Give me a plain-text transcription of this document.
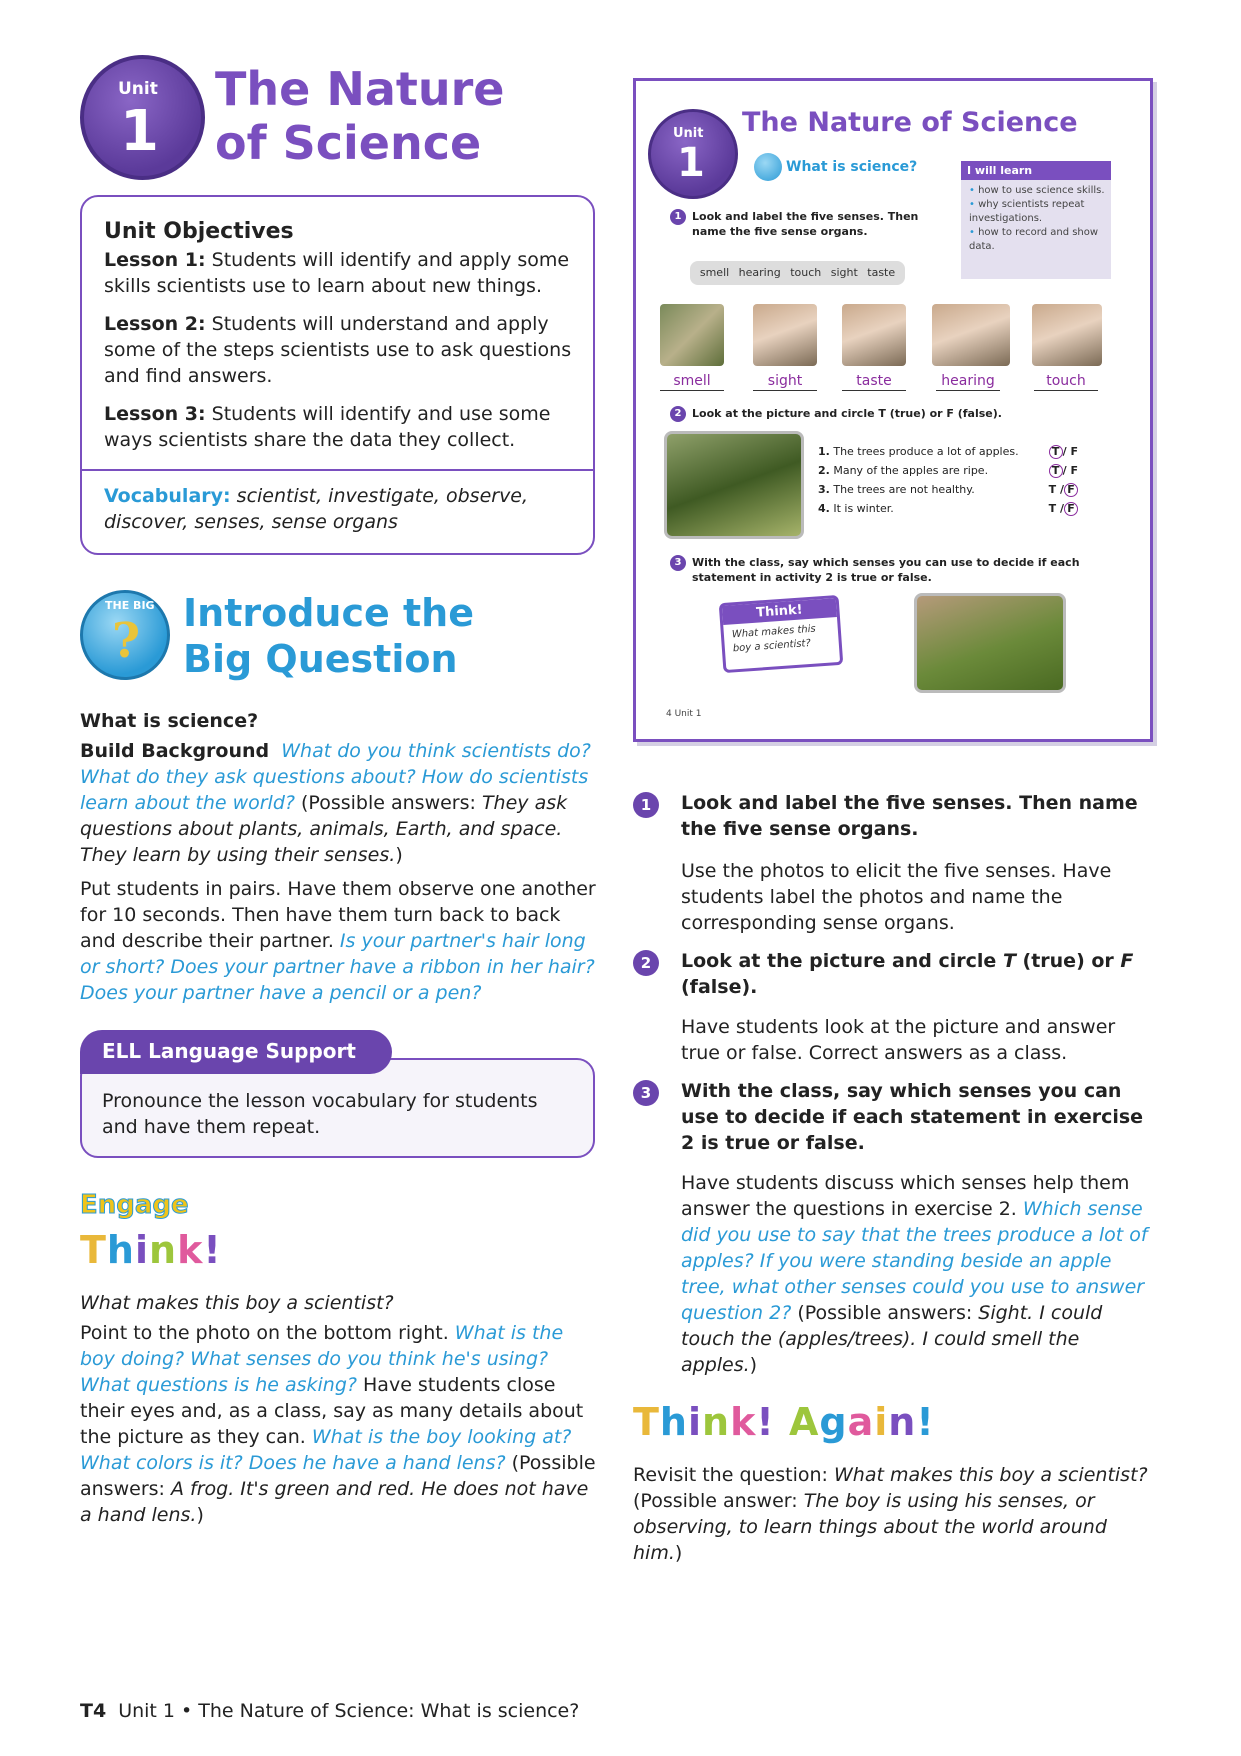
Unit
1
The Nature
of Science
Unit Objectives

Lesson 1: Students will identify and apply some skills scientists use to learn about new things.

Lesson 2: Students will understand and apply some of the steps scientists use to ask questions and find answers.

Lesson 3: Students will identify and use some ways scientists share the data they collect.

Vocabulary: scientist, investigate, observe, discover, senses, sense organs
THE BIG
? Introduce the
Big Question
What is science?
Build Background What do you think scientists do? What do they ask questions about? How do scientists learn about the world? (Possible answers: They ask questions about plants, animals, Earth, and space. They learn by using their senses.)
Put students in pairs. Have them observe one another for 10 seconds. Then have them turn back to back and describe their partner. Is your partner's hair long or short? Does your partner have a ribbon in her hair? Does your partner have a pencil or a pen?
Pronounce the lesson vocabulary for students and have them repeat.
ELL Language Support
Engage
Think!
What makes this boy a scientist?
Point to the photo on the bottom right. What is the boy doing? What senses do you think he's using? What questions is he asking? Have students close their eyes and, as a class, say as many details about the picture as they can. What is the boy looking at? What colors is it? Does he have a hand lens? (Possible answers: A frog. It's green and red. He does not have a hand lens.)
Unit
1
The Nature of Science
What is science?	I will learn
• how to use science skills.
• why scientists repeat investigations.
• how to record and show data.
1 Look and label the five senses. Then name the five sense organs.
smell hearing touch sight taste
smell	sight	taste	hearing	touch
2 Look at the picture and circle T (true) or F (false).
1. The trees produce a lot of apples.	T / F
2. Many of the apples are ripe.	T / F
3. The trees are not healthy.	T / F
4. It is winter.	T / F
3 With the class, say which senses you can use to decide if each statement in activity 2 is true or false.
Think!
What makes this boy a scientist?
4 Unit 1
1	Look and label the five senses. Then name the five sense organs.
Use the photos to elicit the five senses. Have students label the photos and name the corresponding sense organs.
2	Look at the picture and circle T (true) or F (false).
Have students look at the picture and answer true or false. Correct answers as a class.
3	With the class, say which senses you can use to decide if each statement in exercise 2 is true or false.
Have students discuss which senses help them answer the questions in exercise 2. Which sense did you use to say that the trees produce a lot of apples? If you were standing beside an apple tree, what other senses could you use to answer question 2? (Possible answers: Sight. I could touch the (apples/trees). I could smell the apples.)
Think! Again!
Revisit the question: What makes this boy a scientist? (Possible answer: The boy is using his senses, or observing, to learn things about the world around him.)
T4 Unit 1 • The Nature of Science: What is science?
